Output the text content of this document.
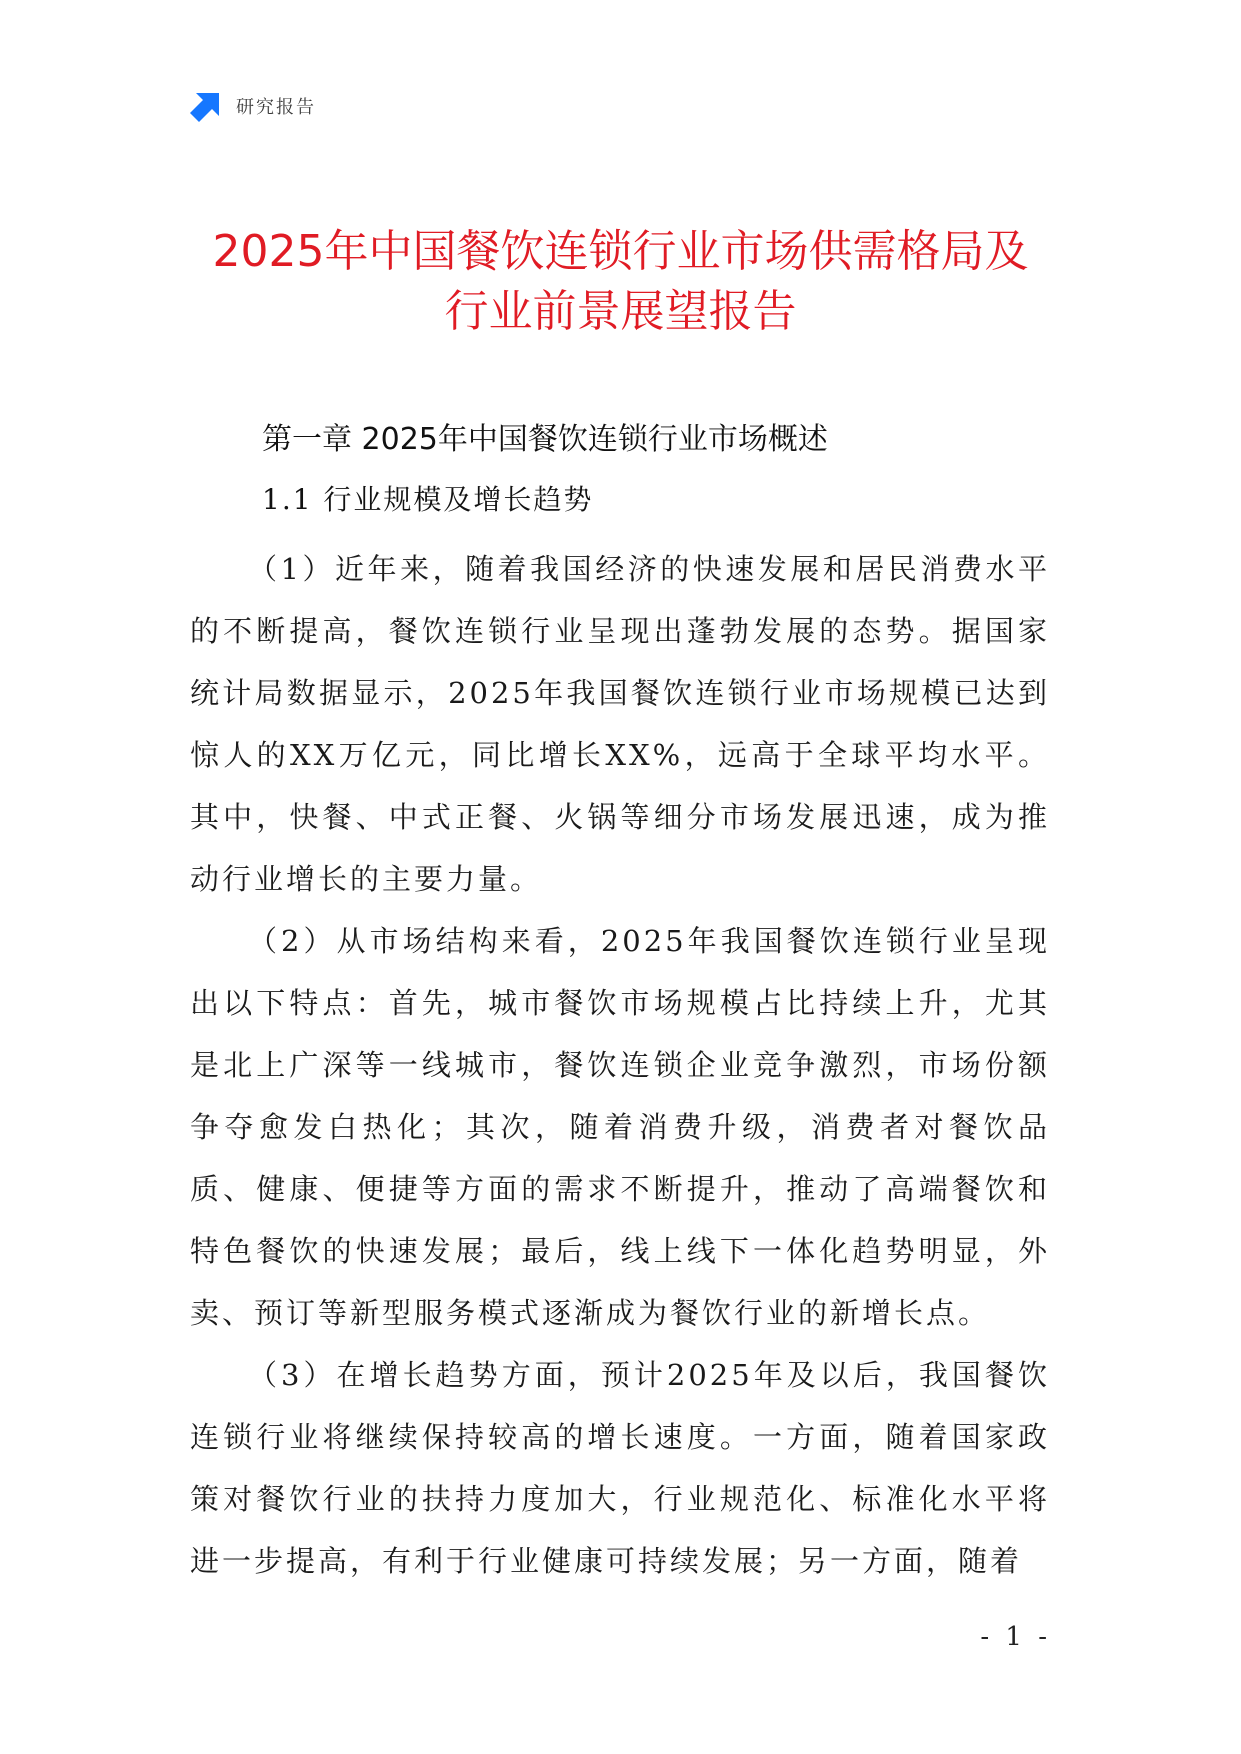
研究报告
2025年中国餐饮连锁行业市场供需格局及
行业前景展望报告
第一章 2025年中国餐饮连锁行业市场概述
1.1 行业规模及增长趋势

（1）近年来，随着我国经济的快速发展和居民消费水平的不断提高，餐饮连锁行业呈现出蓬勃发展的态势。据国家统计局数据显示，2025年我国餐饮连锁行业市场规模已达到惊人的XX万亿元，同比增长XX%，远高于全球平均水平。其中，快餐、中式正餐、火锅等细分市场发展迅速，成为推动行业增长的主要力量。

（2）从市场结构来看，2025年我国餐饮连锁行业呈现出以下特点：首先，城市餐饮市场规模占比持续上升，尤其是北上广深等一线城市，餐饮连锁企业竞争激烈，市场份额争夺愈发白热化；其次，随着消费升级，消费者对餐饮品质、健康、便捷等方面的需求不断提升，推动了高端餐饮和特色餐饮的快速发展；最后，线上线下一体化趋势明显，外卖、预订等新型服务模式逐渐成为餐饮行业的新增长点。

（3）在增长趋势方面，预计2025年及以后，我国餐饮连锁行业将继续保持较高的增长速度。一方面，随着国家政策对餐饮行业的扶持力度加大，行业规范化、标准化水平将进一步提高，有利于行业健康可持续发展；另一方面，随着

- 1 -
